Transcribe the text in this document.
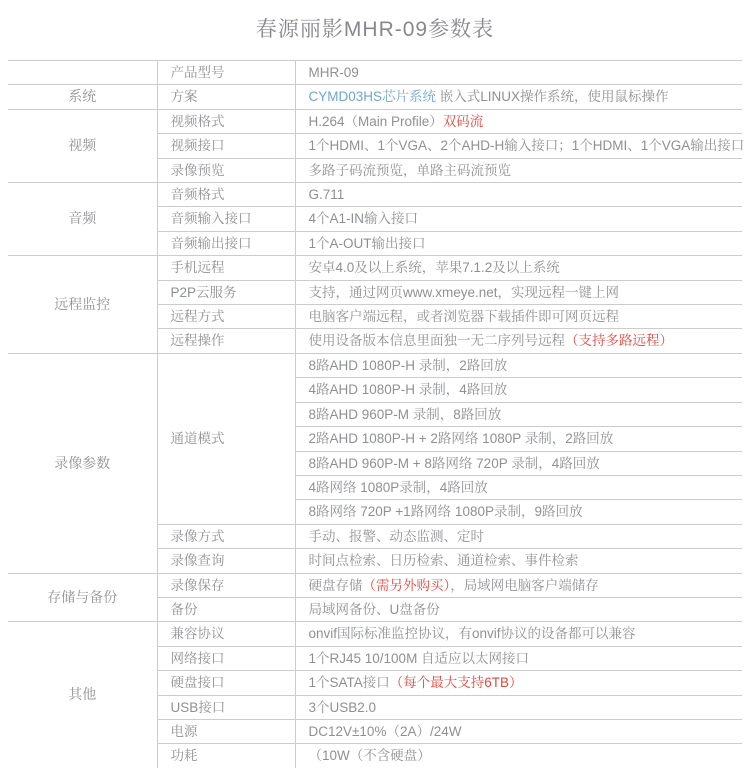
春源丽影MHR-09参数表
	产品型号	MHR-09
系统	方案	CYMD03HS芯片系统 嵌入式LINUX操作系统，使用鼠标操作
视频	视频格式	H.264（Main Profile）双码流
	视频接口	1个HDMI、1个VGA、2个AHD-H输入接口；1个HDMI、1个VGA输出接口
	录像预览	多路子码流预览，单路主码流预览
音频	音频格式	G.711
	音频输入接口	4个A1-IN输入接口
	音频输出接口	1个A-OUT输出接口
远程监控	手机远程	安卓4.0及以上系统，苹果7.1.2及以上系统
	P2P云服务	支持，通过网页www.xmeye.net，实现远程一键上网
	远程方式	电脑客户端远程，或者浏览器下载插件即可网页远程
	远程操作	使用设备版本信息里面独一无二序列号远程（支持多路远程）
录像参数	通道模式	8路AHD 1080P-H 录制，2路回放
		4路AHD 1080P-H 录制，4路回放
		8路AHD 960P-M 录制，8路回放
		2路AHD 1080P-H + 2路网络 1080P 录制，2路回放
		8路AHD 960P-M + 8路网络 720P 录制，4路回放
		4路网络 1080P录制，4路回放
		8路网络 720P +1路网络 1080P录制，9路回放
	录像方式	手动、报警、动态监测、定时
	录像查询	时间点检索、日历检索、通道检索、事件检索
存储与备份	录像保存	硬盘存储（需另外购买），局域网电脑客户端储存
	备份	局域网备份、U盘备份
其他	兼容协议	onvif国际标准监控协议，有onvif协议的设备都可以兼容
	网络接口	1个RJ45 10/100M 自适应以太网接口
	硬盘接口	1个SATA接口（每个最大支持6TB）
	USB接口	3个USB2.0
	电源	DC12V±10%（2A）/24W
	功耗	（10W（不含硬盘）
